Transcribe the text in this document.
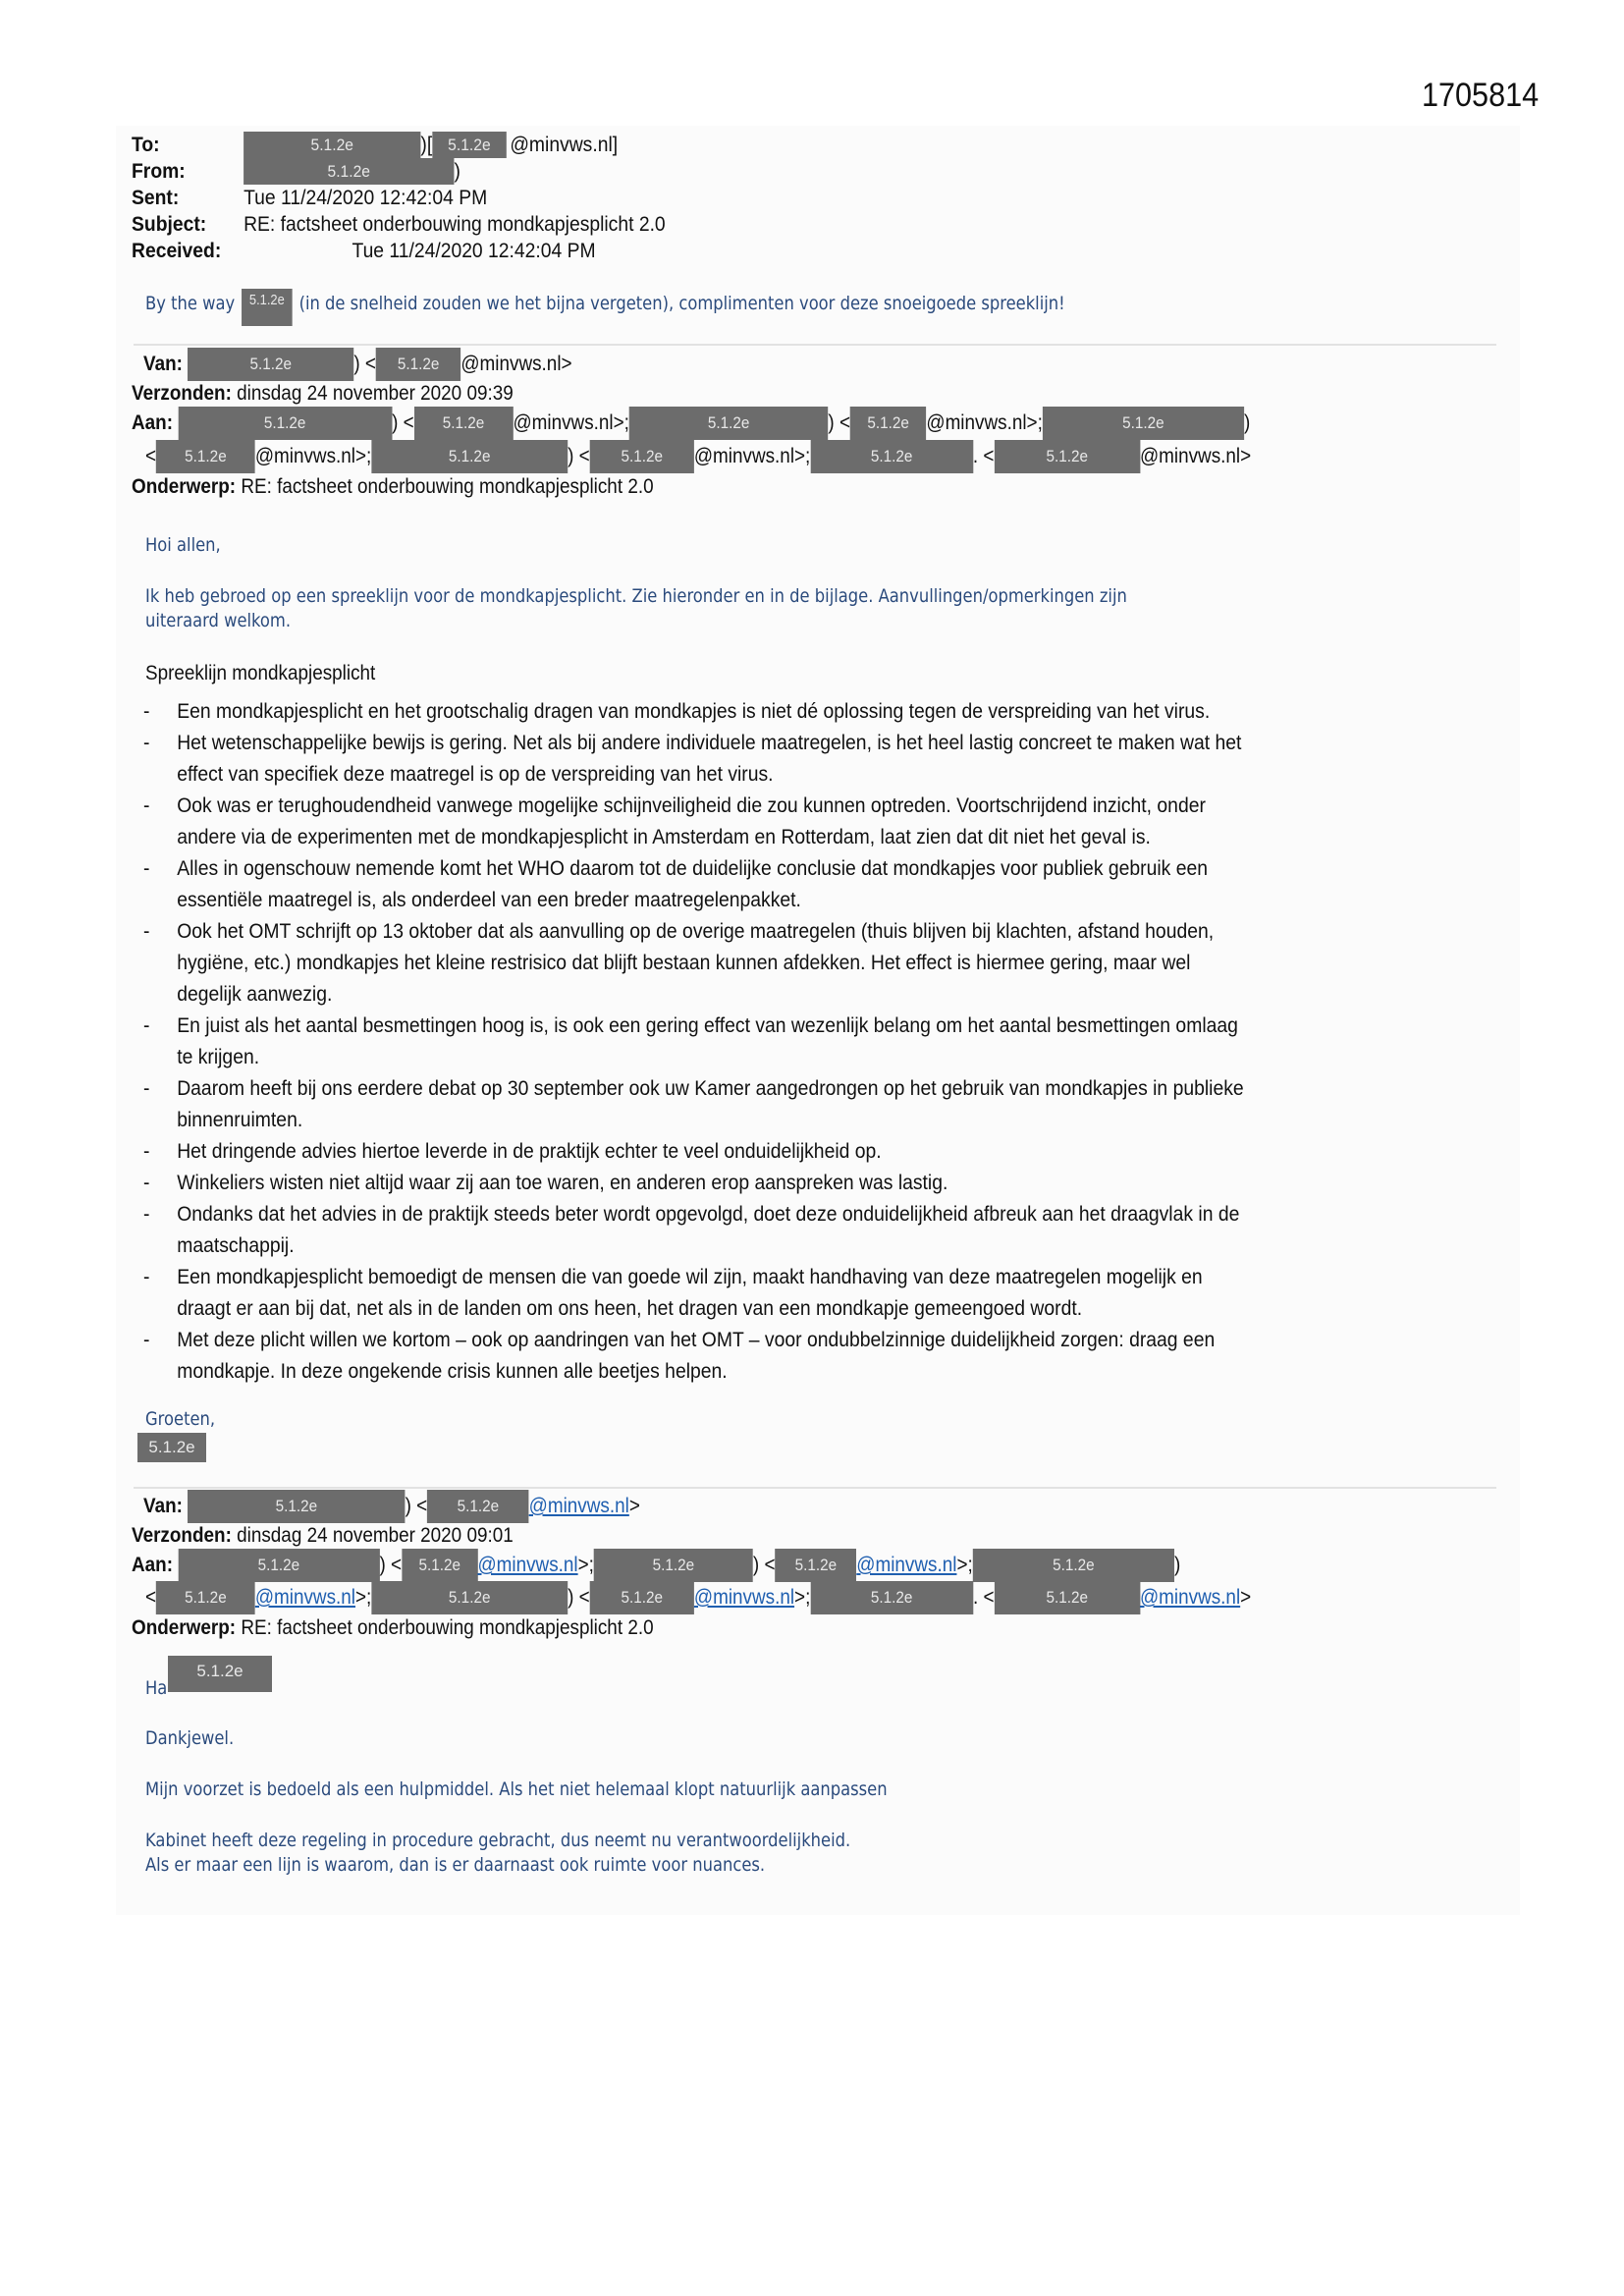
1705814
To:	5.1.2e	)[ 5.1.2e @minvws.nl]
From:	5.1.2e	)
Sent:	Tue 11/24/2020 12:42:04 PM
Subject: RE: factsheet onderbouwing mondkapjesplicht 2.0
Received:	Tue 11/24/2020 12:42:04 PM
By the way 5.1.2e (in de snelheid zouden we het bijna vergeten), complimenten voor deze snoeigoede spreeklijn!
Van:	5.1.2e	) < 5.1.2e @minvws.nl>
Verzonden: dinsdag 24 november 2020 09:39
Aan:	5.1.2e	) < 5.1.2e @minvws.nl>;	5.1.2e	) < 5.1.2e @minvws.nl>;	5.1.2e	)
< 5.1.2e @minvws.nl>;	5.1.2e	) < 5.1.2e @minvws.nl>;	5.1.2e	. <	5.1.2e	@minvws.nl>
Onderwerp: RE: factsheet onderbouwing mondkapjesplicht 2.0
Hoi allen,
Ik heb gebroed op een spreeklijn voor de mondkapjesplicht. Zie hieronder en in de bijlage. Aanvullingen/opmerkingen zijn
uiteraard welkom.
Spreeklijn mondkapjesplicht
- Een mondkapjesplicht en het grootschalig dragen van mondkapjes is niet dé oplossing tegen de verspreiding van het virus.
- Het wetenschappelijke bewijs is gering. Net als bij andere individuele maatregelen, is het heel lastig concreet te maken wat het
effect van specifiek deze maatregel is op de verspreiding van het virus.
- Ook was er terughoudendheid vanwege mogelijke schijnveiligheid die zou kunnen optreden. Voortschrijdend inzicht, onder
andere via de experimenten met de mondkapjesplicht in Amsterdam en Rotterdam, laat zien dat dit niet het geval is.
- Alles in ogenschouw nemende komt het WHO daarom tot de duidelijke conclusie dat mondkapjes voor publiek gebruik een
essentiële maatregel is, als onderdeel van een breder maatregelenpakket.
- Ook het OMT schrijft op 13 oktober dat als aanvulling op de overige maatregelen (thuis blijven bij klachten, afstand houden,
hygiëne, etc.) mondkapjes het kleine restrisico dat blijft bestaan kunnen afdekken. Het effect is hiermee gering, maar wel
degelijk aanwezig.
- En juist als het aantal besmettingen hoog is, is ook een gering effect van wezenlijk belang om het aantal besmettingen omlaag
te krijgen.
- Daarom heeft bij ons eerdere debat op 30 september ook uw Kamer aangedrongen op het gebruik van mondkapjes in publieke
binnenruimten.
- Het dringende advies hiertoe leverde in de praktijk echter te veel onduidelijkheid op.
- Winkeliers wisten niet altijd waar zij aan toe waren, en anderen erop aanspreken was lastig.
- Ondanks dat het advies in de praktijk steeds beter wordt opgevolgd, doet deze onduidelijkheid afbreuk aan het draagvlak in de
maatschappij.
- Een mondkapjesplicht bemoedigt de mensen die van goede wil zijn, maakt handhaving van deze maatregelen mogelijk en
draagt er aan bij dat, net als in de landen om ons heen, het dragen van een mondkapje gemeengoed wordt.
- Met deze plicht willen we kortom – ook op aandringen van het OMT – voor ondubbelzinnige duidelijkheid zorgen: draag een
mondkapje. In deze ongekende crisis kunnen alle beetjes helpen.
Groeten,
5.1.2e
Van:	5.1.2e	) < 5.1.2e @minvws.nl>
Verzonden: dinsdag 24 november 2020 09:01
Aan:	5.1.2e	) < 5.1.2e @minvws.nl>;	5.1.2e	) < 5.1.2e @minvws.nl>;	5.1.2e	)
< 5.1.2e @minvws.nl>;	5.1.2e	) < 5.1.2e @minvws.nl>;	5.1.2e	. <	5.1.2e	@minvws.nl>
Onderwerp: RE: factsheet onderbouwing mondkapjesplicht 2.0
Ha
5.1.2e
Dankjewel.
Mijn voorzet is bedoeld als een hulpmiddel. Als het niet helemaal klopt natuurlijk aanpassen
Kabinet heeft deze regeling in procedure gebracht, dus neemt nu verantwoordelijkheid.
Als er maar een lijn is waarom, dan is er daarnaast ook ruimte voor nuances.
